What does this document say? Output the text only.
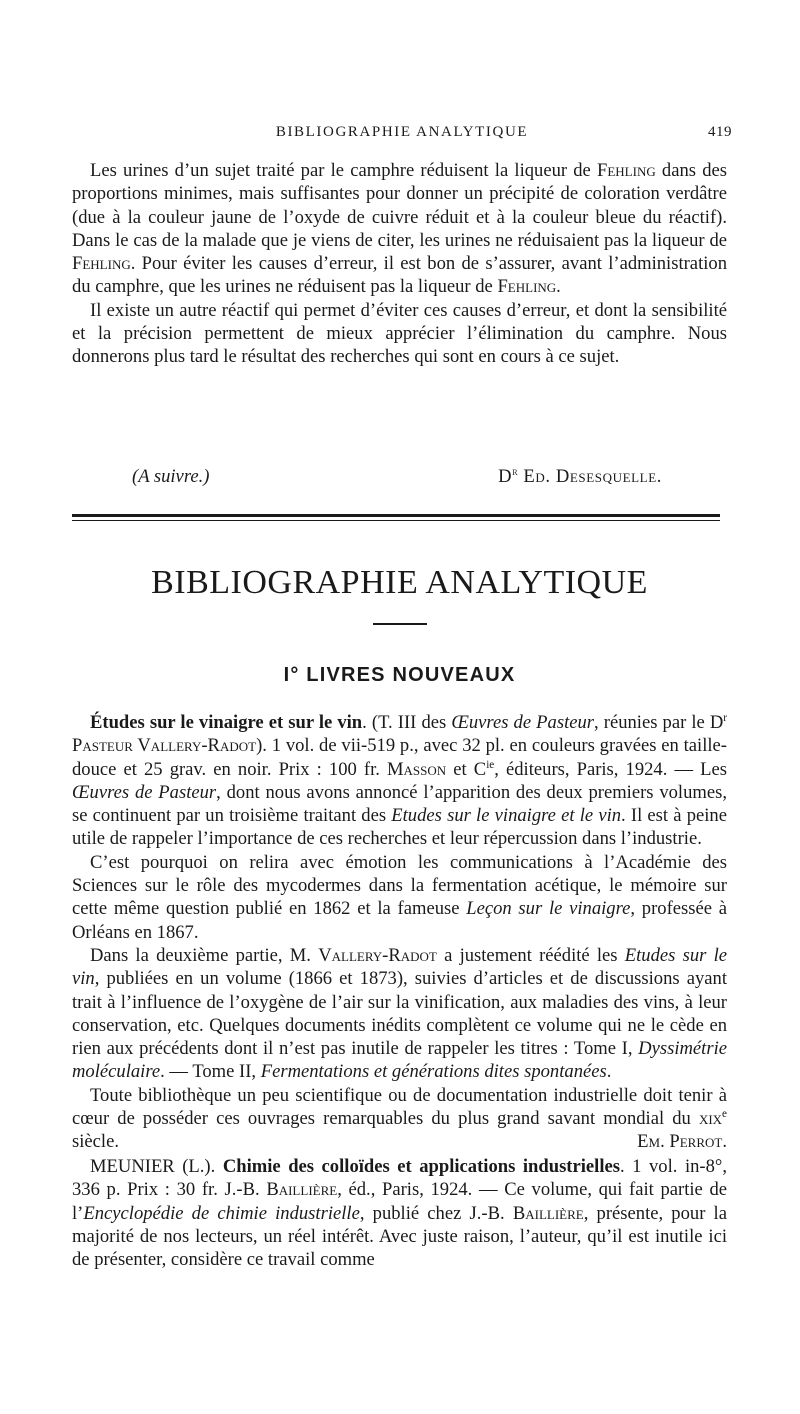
BIBLIOGRAPHIE ANALYTIQUE	419

Les urines d’un sujet traité par le camphre réduisent la liqueur de Fehling dans des proportions minimes, mais suffisantes pour donner un précipité de coloration verdâtre (due à la couleur jaune de l’oxyde de cuivre réduit et à la couleur bleue du réactif). Dans le cas de la malade que je viens de citer, les urines ne réduisaient pas la liqueur de Fehling. Pour éviter les causes d’erreur, il est bon de s’assurer, avant l’administration du camphre, que les urines ne réduisent pas la liqueur de Fehling.

Il existe un autre réactif qui permet d’éviter ces causes d’erreur, et dont la sensibilité et la précision permettent de mieux apprécier l’élimination du camphre. Nous donnerons plus tard le résultat des recherches qui sont en cours à ce sujet.

(A suivre.)	$D^r$ Ed. Desesquelle.
BIBLIOGRAPHIE ANALYTIQUE
I° LIVRES NOUVEAUX

Études sur le vinaigre et sur le vin. (T. III des Œuvres de Pasteur, réunies par le $D^r$ Pasteur Vallery-Radot). 1 vol. de vii-519 p., avec 32 pl. en couleurs gravées en taille-douce et 25 grav. en noir. Prix : 100 fr. Masson et $C^{ie}$, éditeurs, Paris, 1924. — Les Œuvres de Pasteur, dont nous avons annoncé l’apparition des deux premiers volumes, se continuent par un troisième traitant des Etudes sur le vinaigre et le vin. Il est à peine utile de rappeler l’importance de ces recherches et leur répercussion dans l’industrie.

C’est pourquoi on relira avec émotion les communications à l’Académie des Sciences sur le rôle des mycodermes dans la fermentation acétique, le mémoire sur cette même question publié en 1862 et la fameuse Leçon sur le vinaigre, professée à Orléans en 1867.

Dans la deuxième partie, M. Vallery-Radot a justement réédité les Etudes sur le vin, publiées en un volume (1866 et 1873), suivies d’articles et de discussions ayant trait à l’influence de l’oxygène de l’air sur la vinification, aux maladies des vins, à leur conservation, etc. Quelques documents inédits complètent ce volume qui ne le cède en rien aux précédents dont il n’est pas inutile de rappeler les titres : Tome I, Dyssimétrie moléculaire. — Tome II, Fermentations et générations dites spontanées.

Toute bibliothèque un peu scientifique ou de documentation industrielle doit tenir à cœur de posséder ces ouvrages remarquables du plus grand savant mondial du xix$^e$ siècle.	Em. Perrot.

MEUNIER (L.). Chimie des colloïdes et applications industrielles. 1 vol. in-8°, 336 p. Prix : 30 fr. J.-B. Baillière, éd., Paris, 1924. — Ce volume, qui fait partie de l’Encyclopédie de chimie industrielle, publié chez J.-B. Baillière, présente, pour la majorité de nos lecteurs, un réel intérêt. Avec juste raison, l’auteur, qu’il est inutile ici de présenter, considère ce travail comme
